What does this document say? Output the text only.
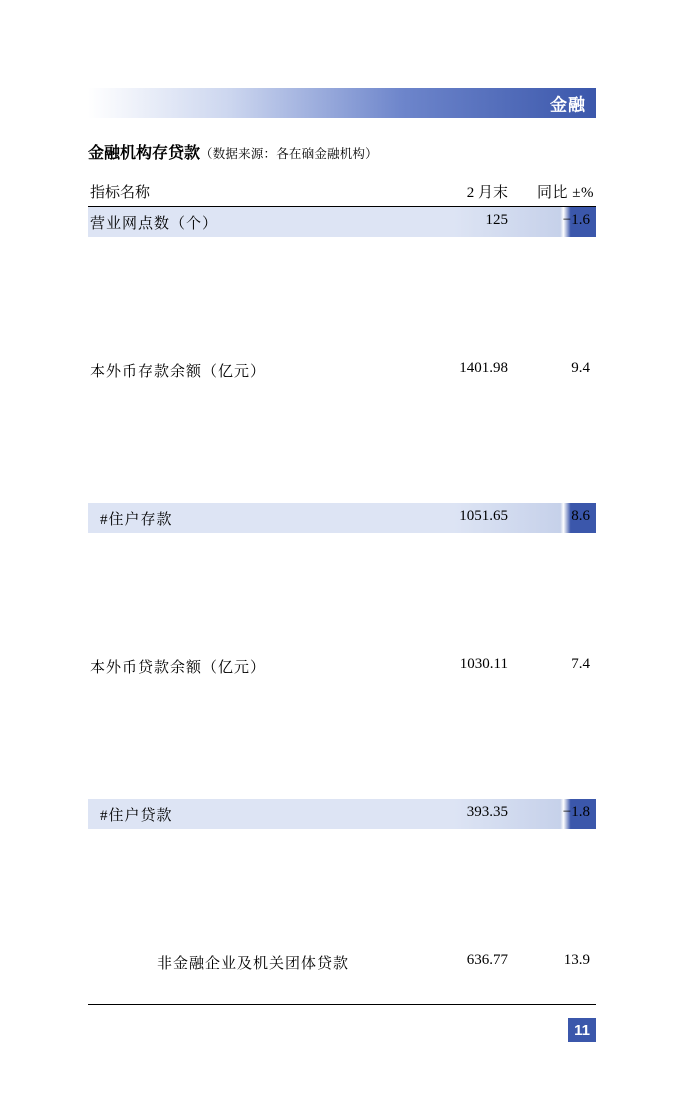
金融
金融机构存贷款（数据来源：各在硇金融机构）
指标名称	2 月末	同比 ±%
营业网点数（个）	125	−1.6
本外币存款余额（亿元）	1401.98	9.4
#住户存款	1051.65	8.6
本外币贷款余额（亿元）	1030.11	7.4
#住户贷款	393.35	−1.8
非金融企业及机关团体贷款	636.77	13.9
11
